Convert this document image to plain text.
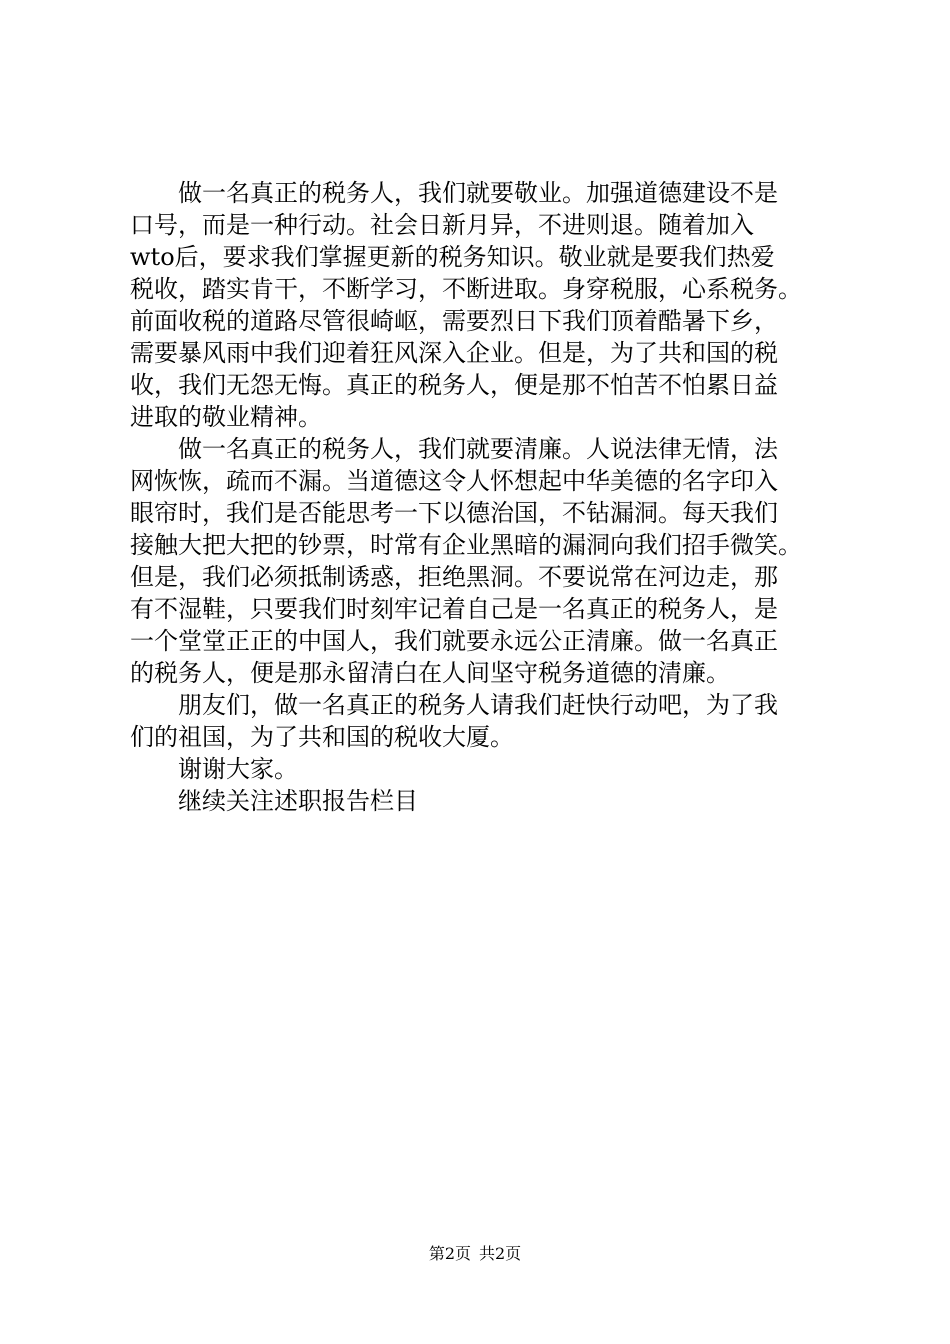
　　做一名真正的税务人，我们就要敬业。加强道德建设不是
口号，而是一种行动。社会日新月异，不进则退。随着加入
wto后，要求我们掌握更新的税务知识。敬业就是要我们热爱
税收，踏实肯干，不断学习，不断进取。身穿税服，心系税务。
前面收税的道路尽管很崎岖，需要烈日下我们顶着酷暑下乡，
需要暴风雨中我们迎着狂风深入企业。但是，为了共和国的税
收，我们无怨无悔。真正的税务人，便是那不怕苦不怕累日益
进取的敬业精神。
　　做一名真正的税务人，我们就要清廉。人说法律无情，法
网恢恢，疏而不漏。当道德这令人怀想起中华美德的名字印入
眼帘时，我们是否能思考一下以德治国，不钻漏洞。每天我们
接触大把大把的钞票，时常有企业黑暗的漏洞向我们招手微笑。
但是，我们必须抵制诱惑，拒绝黑洞。不要说常在河边走，那
有不湿鞋，只要我们时刻牢记着自己是一名真正的税务人，是
一个堂堂正正的中国人，我们就要永远公正清廉。做一名真正
的税务人，便是那永留清白在人间坚守税务道德的清廉。
　　朋友们，做一名真正的税务人请我们赶快行动吧，为了我
们的祖国，为了共和国的税收大厦。
　　谢谢大家。
　　继续关注述职报告栏目
第2页 共2页
